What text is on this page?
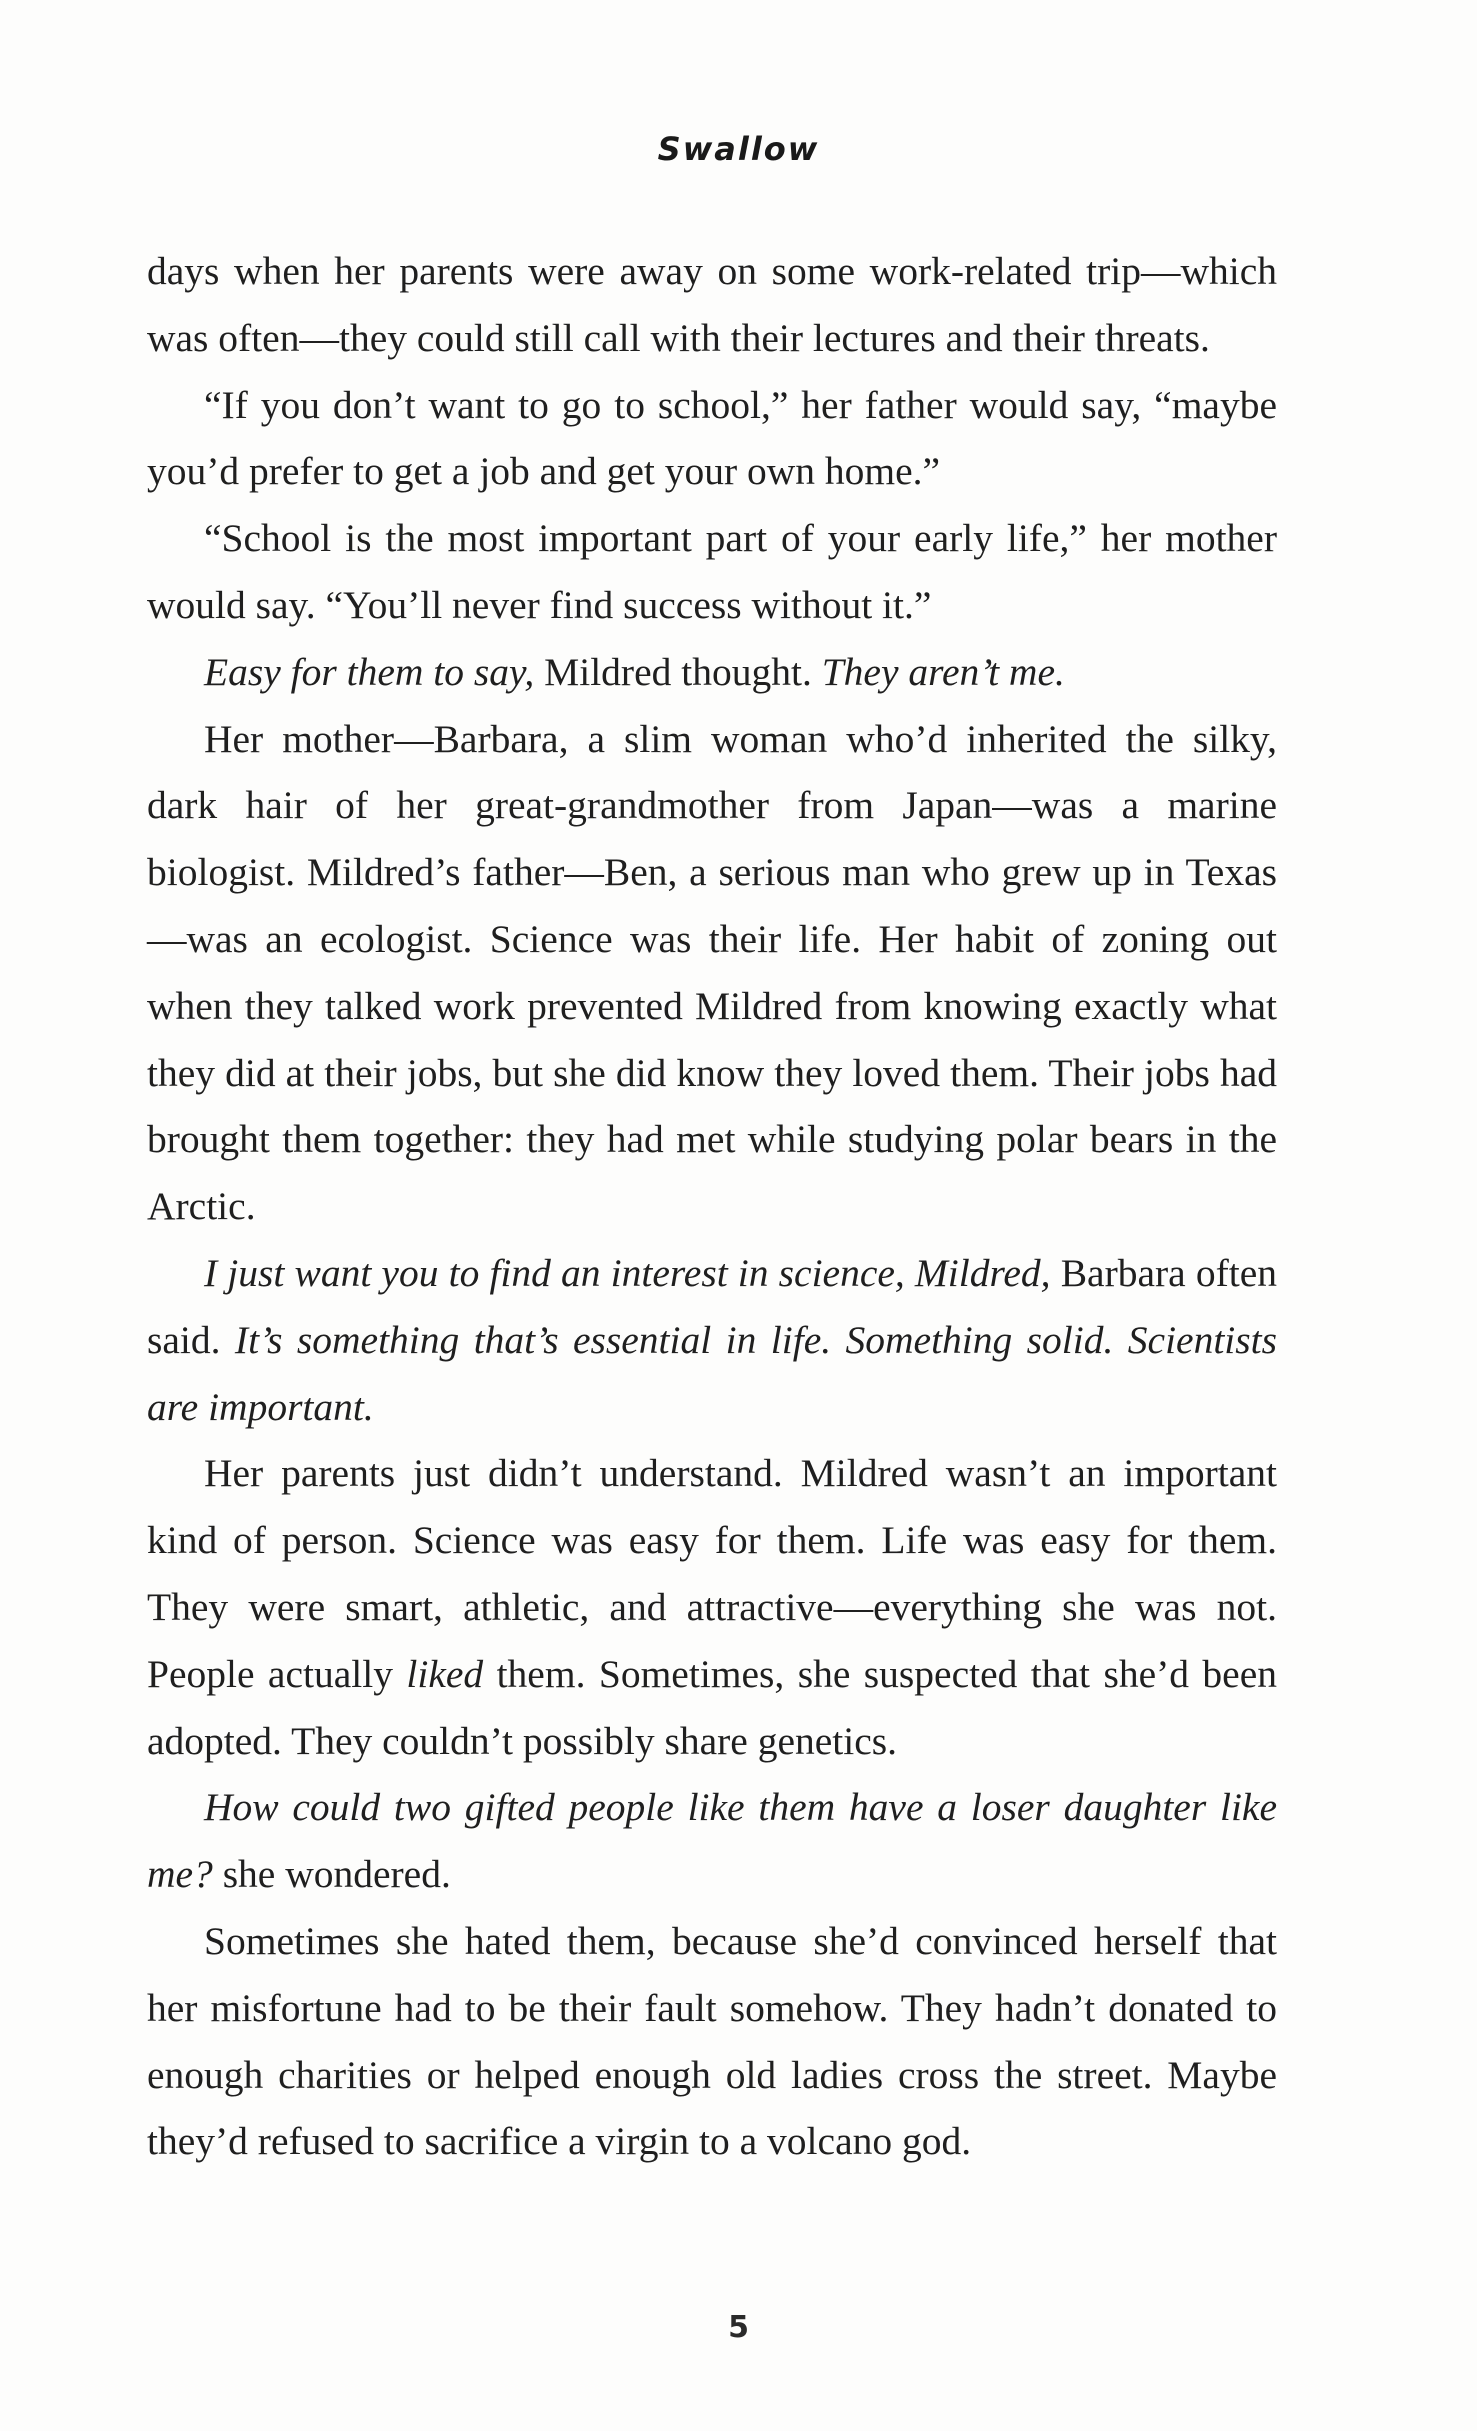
Swallow

days when her parents were away on some work-related trip—which was often—they could still call with their lectures and their threats.

“If you don’t want to go to school,” her father would say, “maybe you’d prefer to get a job and get your own home.”

“School is the most important part of your early life,” her mother would say. “You’ll never find success without it.”

Easy for them to say, Mildred thought. They aren’t me.

Her mother—Barbara, a slim woman who’d inherited the silky, dark hair of her great-grandmother from Japan—was a marine biologist. Mildred’s father—Ben, a serious man who grew up in Texas—was an ecologist. Science was their life. Her habit of zoning out when they talked work prevented Mildred from knowing exactly what they did at their jobs, but she did know they loved them. Their jobs had brought them together: they had met while studying polar bears in the Arctic.

I just want you to find an interest in science, Mildred, Barbara often said. It’s something that’s essential in life. Something solid. Scientists are important.

Her parents just didn’t understand. Mildred wasn’t an important kind of person. Science was easy for them. Life was easy for them. They were smart, athletic, and attractive—everything she was not. People actually liked them. Sometimes, she suspected that she’d been adopted. They couldn’t possibly share genetics.

How could two gifted people like them have a loser daughter like me? she wondered.

Sometimes she hated them, because she’d convinced herself that her misfortune had to be their fault somehow. They hadn’t donated to enough charities or helped enough old ladies cross the street. Maybe they’d refused to sacrifice a virgin to a volcano god.

5
